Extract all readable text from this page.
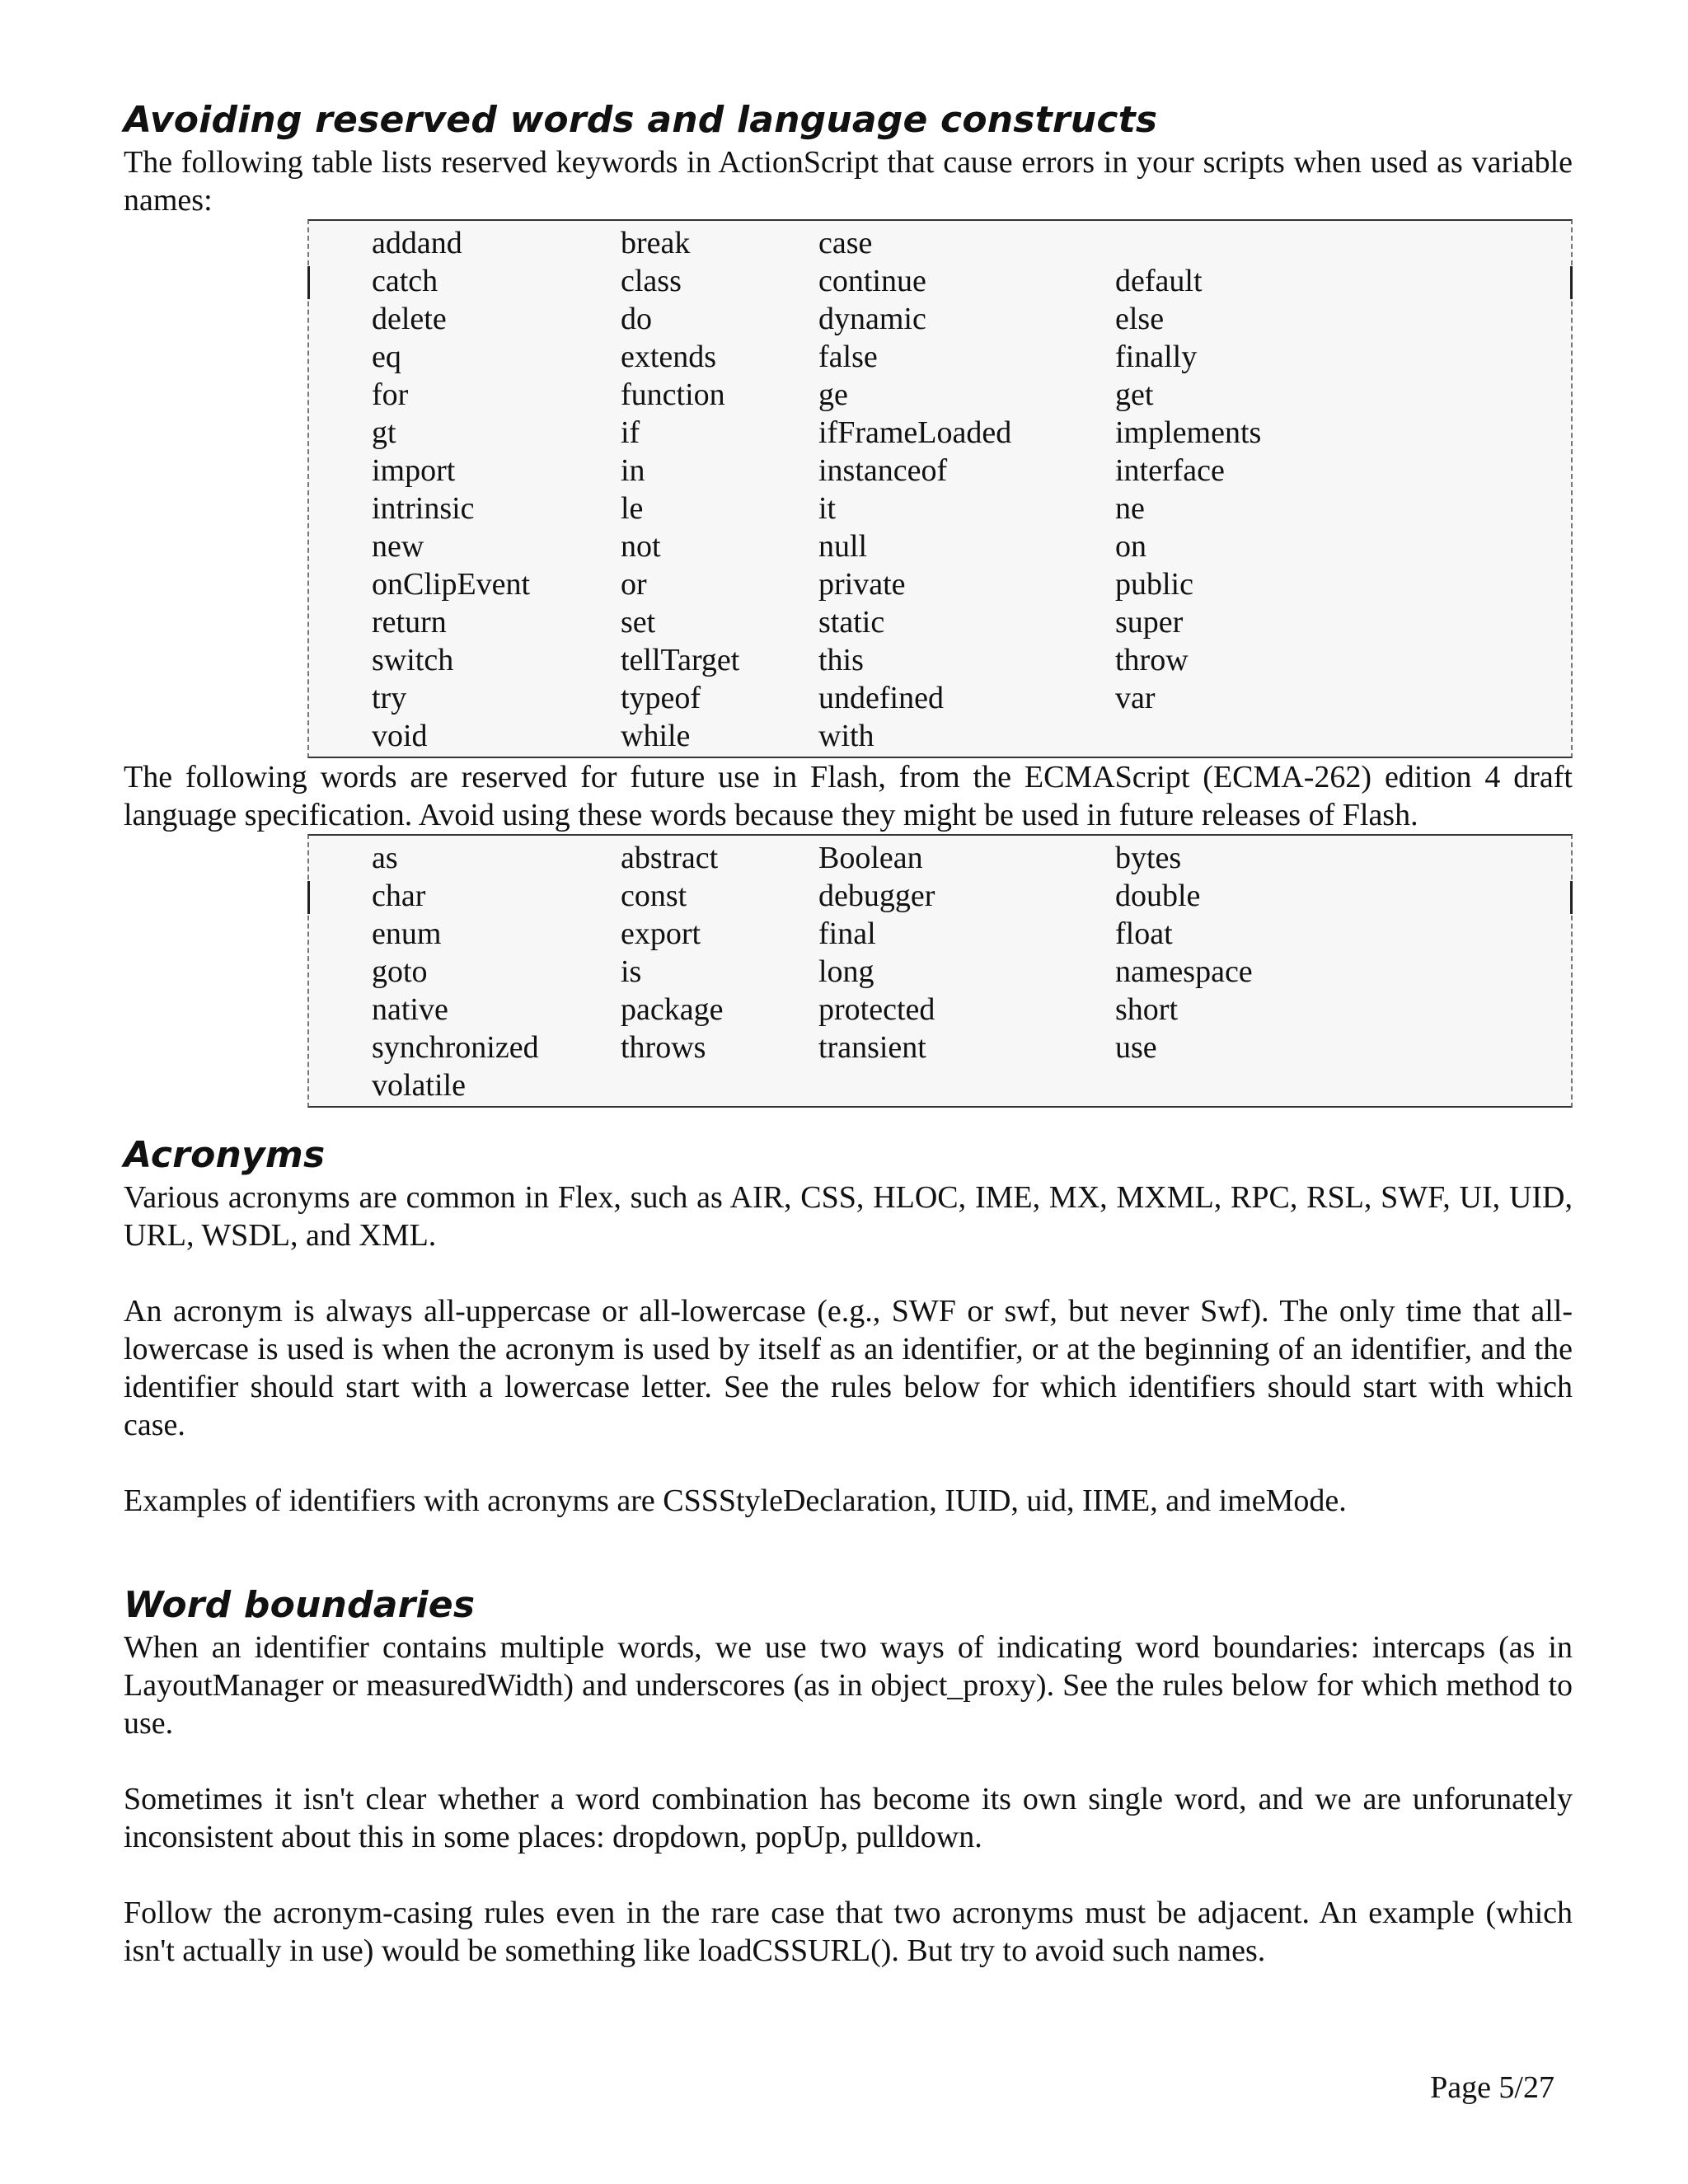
Avoiding reserved words and language constructs

The following table lists reserved keywords in ActionScript that cause errors in your scripts when used as variable names:

addand	break	case
catch	class	continue	default
delete	do	dynamic	else
eq	extends	false	finally
for	function	ge	get
gt	if	ifFrameLoaded	implements
import	in	instanceof	interface
intrinsic	le	it	ne
new	not	null	on
onClipEvent	or	private	public
return	set	static	super
switch	tellTarget	this	throw
try	typeof	undefined	var
void	while	with

The following words are reserved for future use in Flash, from the ECMAScript (ECMA-262) edition 4 draft language specification. Avoid using these words because they might be used in future releases of Flash.

as	abstract	Boolean	bytes
char	const	debugger	double
enum	export	final	float
goto	is	long	namespace
native	package	protected	short
synchronized	throws	transient	use
volatile
Acronyms

Various acronyms are common in Flex, such as AIR, CSS, HLOC, IME, MX, MXML, RPC, RSL, SWF, UI, UID, URL, WSDL, and XML.

An acronym is always all-uppercase or all-lowercase (e.g., SWF or swf, but never Swf). The only time that all-lowercase is used is when the acronym is used by itself as an identifier, or at the beginning of an identifier, and the identifier should start with a lowercase letter. See the rules below for which identifiers should start with which case.

Examples of identifiers with acronyms are CSSStyleDeclaration, IUID, uid, IIME, and imeMode.

Word boundaries

When an identifier contains multiple words, we use two ways of indicating word boundaries: intercaps (as in LayoutManager or measuredWidth) and underscores (as in object_proxy). See the rules below for which method to use.

Sometimes it isn't clear whether a word combination has become its own single word, and we are unforunately inconsistent about this in some places: dropdown, popUp, pulldown.

Follow the acronym-casing rules even in the rare case that two acronyms must be adjacent. An example (which isn't actually in use) would be something like loadCSSURL(). But try to avoid such names.

Page 5/27
